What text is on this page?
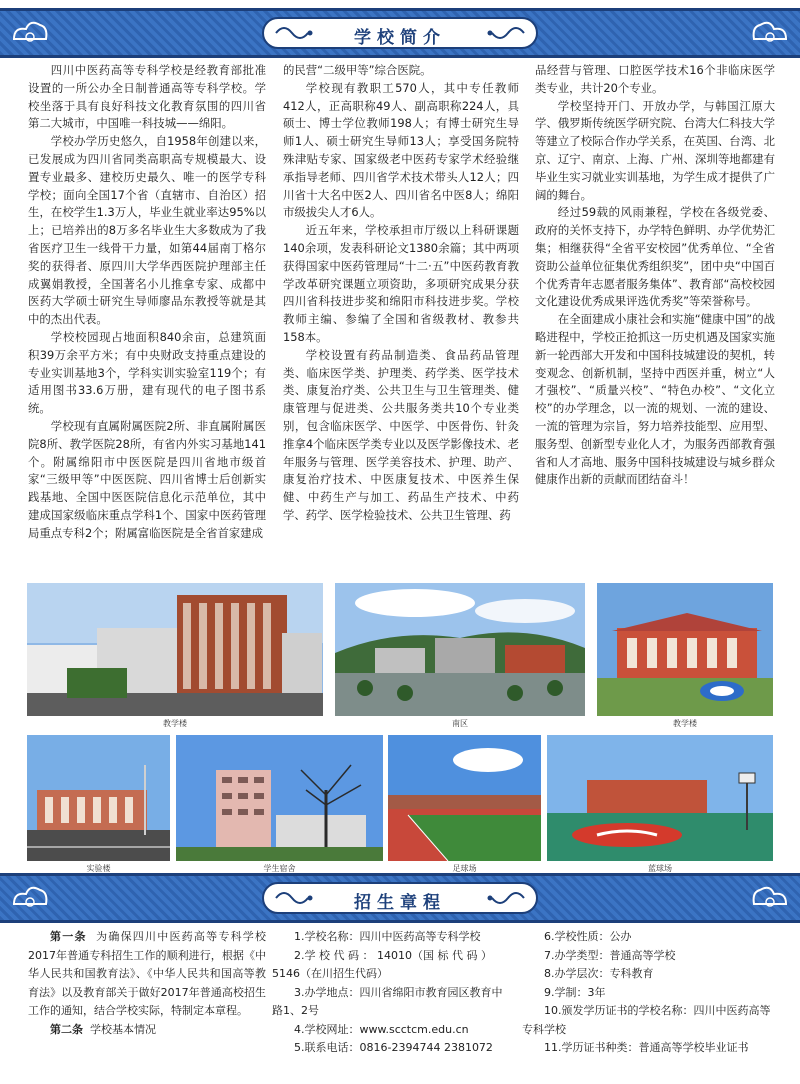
学校简介

四川中医药高等专科学校是经教育部批准设置的一所公办全日制普通高等专科学校。学校坐落于具有良好科技文化教育氛围的四川省第二大城市，中国唯一科技城——绵阳。

学校办学历史悠久，自1958年创建以来，已发展成为四川省同类高职高专规模最大、设置专业最多、建校历史最久、唯一的医学专科学校；面向全国17个省（直辖市、自治区）招生，在校学生1.3万人，毕业生就业率达95%以上；已培养出的8万多名毕业生大多数成为了我省医疗卫生一线骨干力量，如第44届南丁格尔奖的获得者、原四川大学华西医院护理部主任成翼娟教授，全国著名小儿推拿专家、成都中医药大学硕士研究生导师廖品东教授等就是其中的杰出代表。

学校校园现占地面积840余亩，总建筑面积39万余平方米；有中央财政支持重点建设的专业实训基地3个，学科实训实验室119个；有适用图书33.6万册，建有现代的电子图书系统。

学校现有直属附属医院2所、非直属附属医院8所、教学医院28所，有省内外实习基地141个。附属绵阳市中医医院是四川省地市级首家“三级甲等”中医医院、四川省博士后创新实践基地、全国中医医院信息化示范单位，其中建成国家级临床重点学科1个、国家中医药管理局重点专科2个；附属富临医院是全省首家建成

的民营“二级甲等”综合医院。

学校现有教职工570人，其中专任教师412人，正高职称49人、副高职称224人，具硕士、博士学位教师198人；有博士研究生导师1人、硕士研究生导师13人；享受国务院特殊津贴专家、国家级老中医药专家学术经验继承指导老师、四川省学术技术带头人12人；四川省十大名中医2人、四川省名中医8人；绵阳市级拔尖人才6人。

近五年来，学校承担市厅级以上科研课题140余项，发表科研论文1380余篇；其中两项获得国家中医药管理局“十二·五”中医药教育教学改革研究课题立项资助，多项研究成果分获四川省科技进步奖和绵阳市科技进步奖。学校教师主编、参编了全国和省级教材、教参共158本。

学校设置有药品制造类、食品药品管理类、临床医学类、护理类、药学类、医学技术类、康复治疗类、公共卫生与卫生管理类、健康管理与促进类、公共服务类共10个专业类别，包含临床医学、中医学、中医骨伤、针灸推拿4个临床医学类专业以及医学影像技术、老年服务与管理、医学美容技术、护理、助产、康复治疗技术、中医康复技术、中医养生保健、中药生产与加工、药品生产技术、中药学、药学、医学检验技术、公共卫生管理、药

品经营与管理、口腔医学技术16个非临床医学类专业，共计20个专业。

学校坚持开门、开放办学，与韩国江原大学、俄罗斯传统医学研究院、台湾大仁科技大学等建立了校际合作办学关系，在英国、台湾、北京、辽宁、南京、上海、广州、深圳等地都建有毕业生实习就业实训基地，为学生成才提供了广阔的舞台。

经过59载的风雨兼程，学校在各级党委、政府的关怀支持下，办学特色鲜明、办学优势汇集；相继获得“全省平安校园”优秀单位、“全省资助公益单位征集优秀组织奖”，团中央“中国百个优秀青年志愿者服务集体”、教育部“高校校园文化建设优秀成果评选优秀奖”等荣誉称号。

在全面建成小康社会和实施“健康中国”的战略进程中，学校正抢抓这一历史机遇及国家实施新一轮西部大开发和中国科技城建设的契机，转变观念、创新机制，坚持中西医并重，树立“人才强校”、“质量兴校”、“特色办校”、“文化立校”的办学理念，以一流的规划、一流的建设、一流的管理为宗旨，努力培养技能型、应用型、服务型、创新型专业化人才，为服务西部教育强省和人才高地、服务中国科技城建设与城乡群众健康作出新的贡献而团结奋斗！

教学楼	南区	教学楼
实验楼	学生宿舍	足球场	蓝球场
招生章程

第一条 为确保四川中医药高等专科学校2017年普通专科招生工作的顺利进行，根据《中华人民共和国教育法》、《中华人民共和国高等教育法》以及教育部关于做好2017年普通高校招生工作的通知，结合学校实际，特制定本章程。

第二条 学校基本情况

1.学校名称：四川中医药高等专科学校

2.学 校 代 码 ： 14010（国 标 代 码 ）5146（在川招生代码）

3.办学地点：四川省绵阳市教育园区教育中路1、2号

4.学校网址：www.scctcm.edu.cn

5.联系电话：0816-2394744 2381072

6.学校性质：公办

7.办学类型：普通高等学校

8.办学层次：专科教育

9.学制：3年

10.颁发学历证书的学校名称：四川中医药高等专科学校

11.学历证书种类：普通高等学校毕业证书
